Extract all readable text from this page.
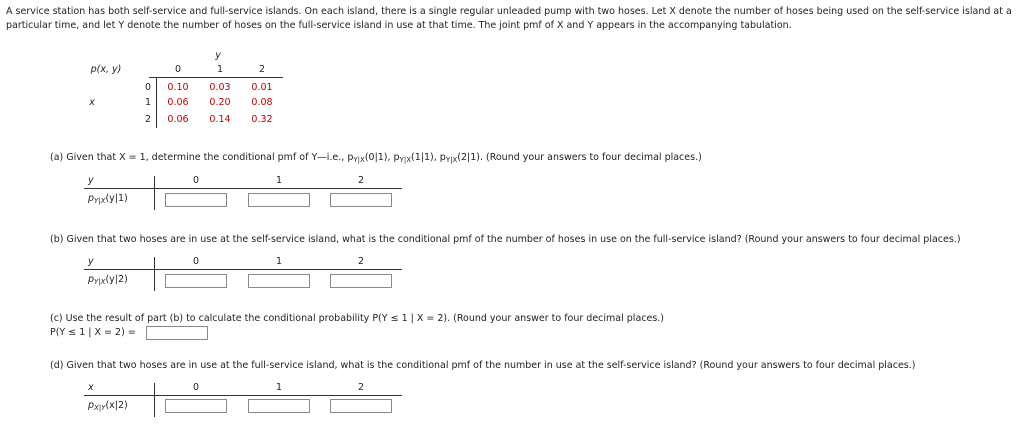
A service station has both self-service and full-service islands. On each island, there is a single regular unleaded pump with two hoses. Let X denote the number of hoses being used on the self-service island at a particular time, and let Y denote the number of hoses on the full-service island in use at that time. The joint pmf of X and Y appears in the accompanying tabulation.
y
p(x, y)	0	1	2
0	0.10	0.03	0.01
x	1	0.06	0.20	0.08
2	0.06	0.14	0.32
(a) Given that X = 1, determine the conditional pmf of Y—i.e., $p_{Y|X}(0|1)$, $p_{Y|X}(1|1)$, $p_{Y|X}(2|1)$. (Round your answers to four decimal places.)
y	0	1	2
$p_{Y|X}(y|1)$
(b) Given that two hoses are in use at the self-service island, what is the conditional pmf of the number of hoses in use on the full-service island? (Round your answers to four decimal places.)
y	0	1	2
$p_{Y|X}(y|2)$
(c) Use the result of part (b) to calculate the conditional probability P(Y ≤ 1 | X = 2). (Round your answer to four decimal places.)
P(Y ≤ 1 | X = 2) =
(d) Given that two hoses are in use at the full-service island, what is the conditional pmf of the number in use at the self-service island? (Round your answers to four decimal places.)
x	0	1	2
$p_{X|Y}(x|2)$
